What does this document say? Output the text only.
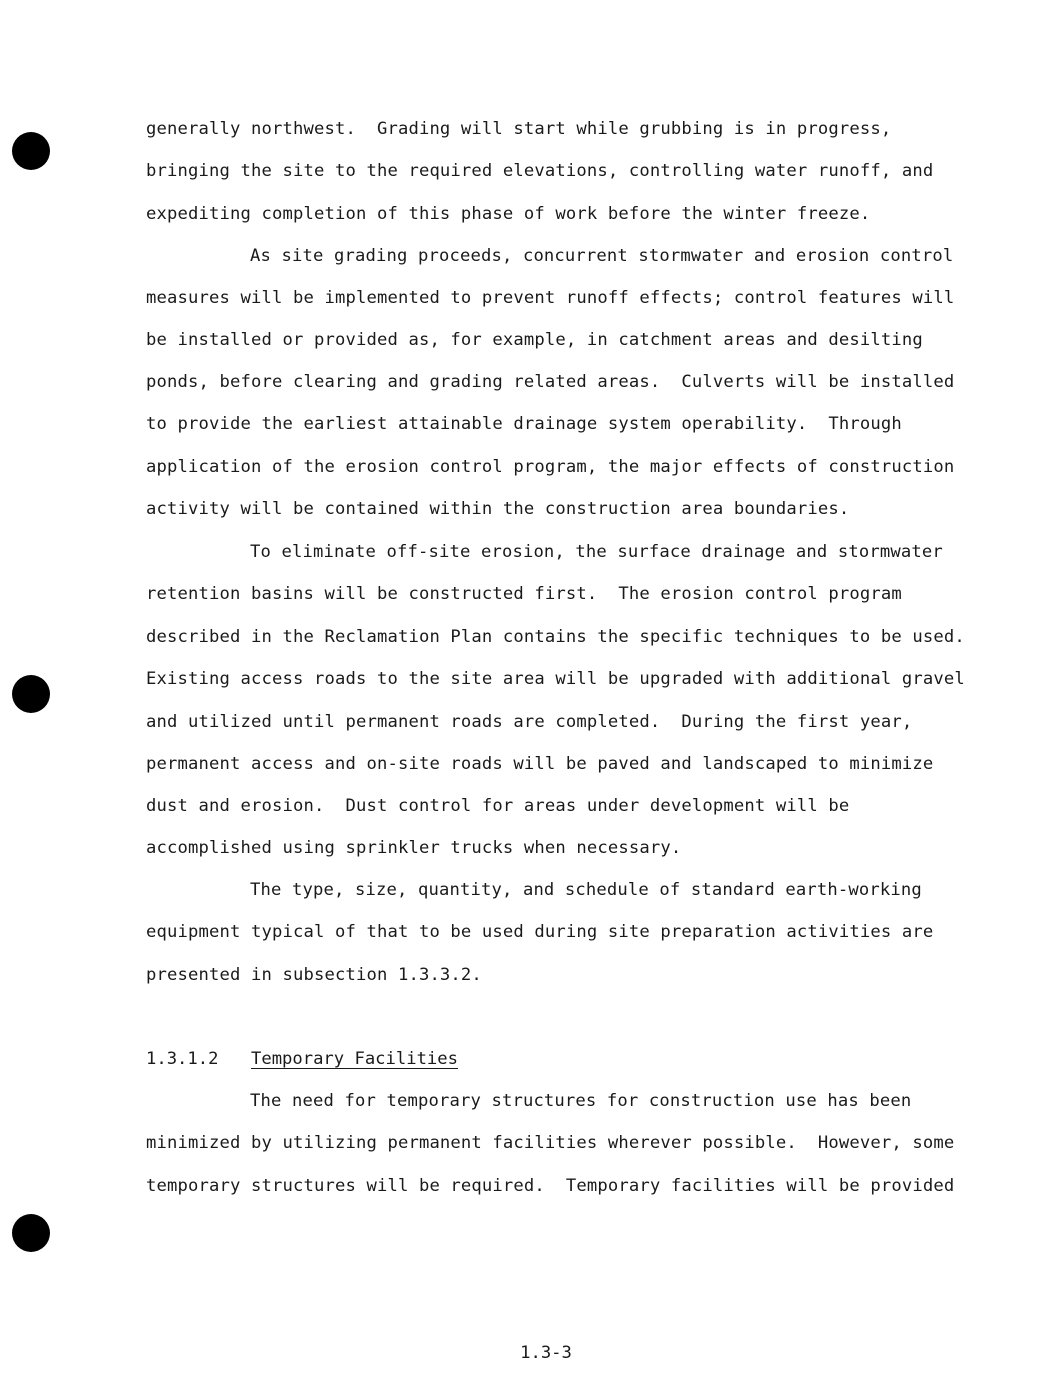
generally northwest.  Grading will start while grubbing is in progress,
bringing the site to the required elevations, controlling water runoff, and
expediting completion of this phase of work before the winter freeze.
As site grading proceeds, concurrent stormwater and erosion control
measures will be implemented to prevent runoff effects; control features will
be installed or provided as, for example, in catchment areas and desilting
ponds, before clearing and grading related areas.  Culverts will be installed
to provide the earliest attainable drainage system operability.  Through
application of the erosion control program, the major effects of construction
activity will be contained within the construction area boundaries.
To eliminate off-site erosion, the surface drainage and stormwater
retention basins will be constructed first.  The erosion control program
described in the Reclamation Plan contains the specific techniques to be used.
Existing access roads to the site area will be upgraded with additional gravel
and utilized until permanent roads are completed.  During the first year,
permanent access and on-site roads will be paved and landscaped to minimize
dust and erosion.  Dust control for areas under development will be
accomplished using sprinkler trucks when necessary.
The type, size, quantity, and schedule of standard earth-working
equipment typical of that to be used during site preparation activities are
presented in subsection 1.3.3.2.
1.3.1.2 Temporary Facilities
The need for temporary structures for construction use has been
minimized by utilizing permanent facilities wherever possible.  However, some
temporary structures will be required.  Temporary facilities will be provided
1.3-3
